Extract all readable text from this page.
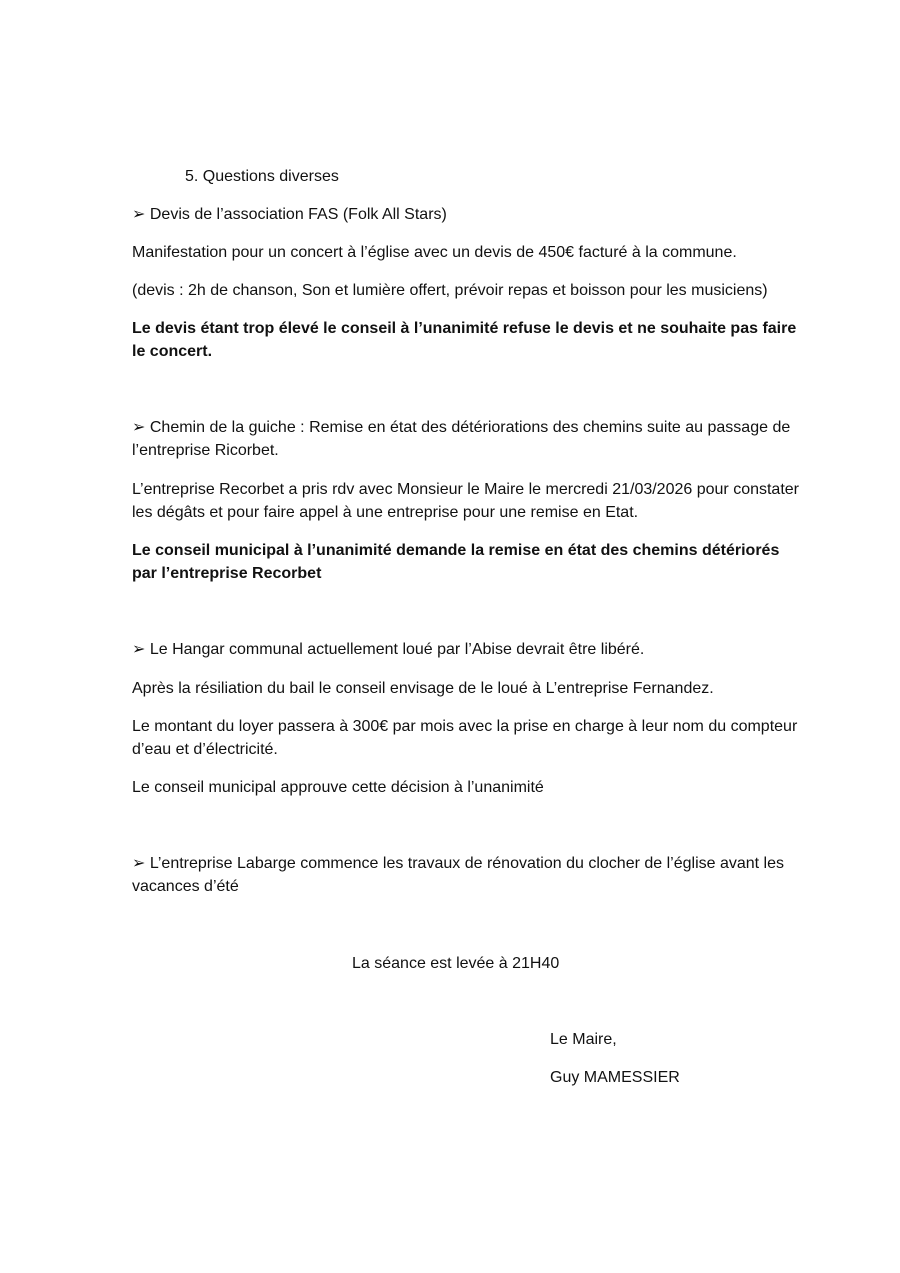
5. Questions diverses

➢ Devis de l’association FAS (Folk All Stars)

Manifestation pour un concert à l’église avec un devis de 450€ facturé à la commune.

(devis : 2h de chanson, Son et lumière offert, prévoir repas et boisson pour les musiciens)

Le devis étant trop élevé le conseil à l’unanimité refuse le devis et ne souhaite pas faire le concert.

➢ Chemin de la guiche : Remise en état des détériorations des chemins suite au passage de l’entreprise Ricorbet.

L’entreprise Recorbet a pris rdv avec Monsieur le Maire le mercredi 21/03/2026 pour constater les dégâts et pour faire appel à une entreprise pour une remise en Etat.

Le conseil municipal à l’unanimité demande la remise en état des chemins détériorés par l’entreprise Recorbet

➢ Le Hangar communal actuellement loué par l’Abise devrait être libéré.

Après la résiliation du bail le conseil envisage de le loué à L’entreprise Fernandez.

Le montant du loyer passera à 300€ par mois avec la prise en charge à leur nom du compteur d’eau et d’électricité.

Le conseil municipal approuve cette décision à l’unanimité

➢ L’entreprise Labarge commence les travaux de rénovation du clocher de l’église avant les vacances d’été

La séance est levée à 21H40

Le Maire,

Guy MAMESSIER
